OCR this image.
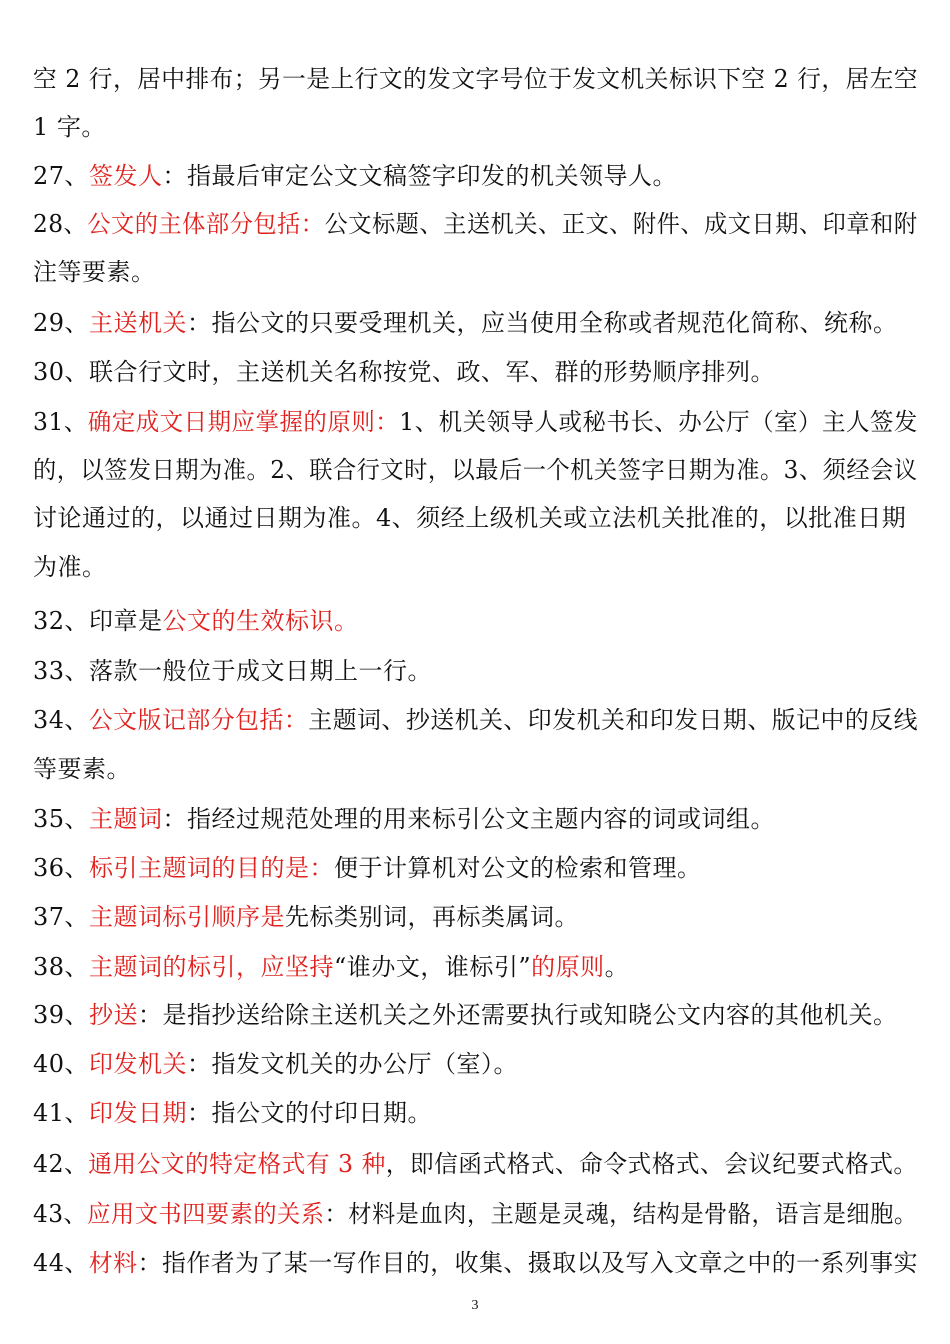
空 2 行，居中排布；另一是上行文的发文字号位于发文机关标识下空 2 行，居左空
1 字。
27、签发人：指最后审定公文文稿签字印发的机关领导人。
28、公文的主体部分包括：公文标题、主送机关、正文、附件、成文日期、印章和附
注等要素。
29、主送机关：指公文的只要受理机关，应当使用全称或者规范化简称、统称。
30、联合行文时，主送机关名称按党、政、军、群的形势顺序排列。
31、确定成文日期应掌握的原则：1、机关领导人或秘书长、办公厅（室）主人签发
的，以签发日期为准。2、联合行文时，以最后一个机关签字日期为准。3、须经会议
讨论通过的，以通过日期为准。4、须经上级机关或立法机关批准的，以批准日期
为准。
32、印章是公文的生效标识。
33、落款一般位于成文日期上一行。
34、公文版记部分包括：主题词、抄送机关、印发机关和印发日期、版记中的反线
等要素。
35、主题词：指经过规范处理的用来标引公文主题内容的词或词组。
36、标引主题词的目的是：便于计算机对公文的检索和管理。
37、主题词标引顺序是先标类别词，再标类属词。
38、主题词的标引，应坚持“谁办文，谁标引”的原则。
39、抄送：是指抄送给除主送机关之外还需要执行或知晓公文内容的其他机关。
40、印发机关：指发文机关的办公厅（室）。
41、印发日期：指公文的付印日期。
42、通用公文的特定格式有 3 种，即信函式格式、命令式格式、会议纪要式格式。
43、应用文书四要素的关系：材料是血肉，主题是灵魂，结构是骨骼，语言是细胞。
44、材料：指作者为了某一写作目的，收集、摄取以及写入文章之中的一系列事实
3
